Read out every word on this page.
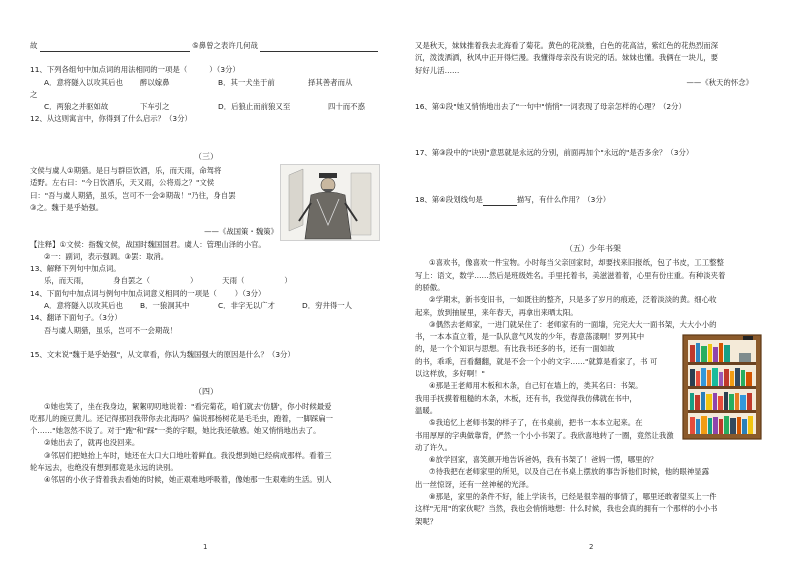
故	⑤鼻曾之表许几何哉
11、下列各组句中加点词的用法相同的一项是（	）（3分）
A．意将隧入以攻其后也 醉以嫁鼻	B．其一犬坐于前	择其善者而从
之
C．两狼之并驱如故	下车引之	D．后狼止而前狼又至	四十而不惑
12、从这则寓言中，你得到了什么启示？（3分）
（三）
文侯与虞人①期猎。是日与群臣饮酒，乐，而天雨，命驾将
适野。左右曰："今日饮酒乐，天又雨，公将焉之？"文侯
曰："吾与虞人期猎，虽乐，岂可不一会②期哉！"乃往，身自罢
③之。魏于是乎始强。
——《战国策・魏策》
【注释】①文侯：指魏文侯，战国时魏国国君。虞人：管理山泽的小官。
②一：副词，表示强调。③罢：取消。
13、解释下列句中加点词。
乐，而天雨，	身自罢之（	）	天雨（	）
14、下面句中加点词与例句中加点词意义相同的一项是（ ）（3分）
A．意将隧入以攻其后也 B．一狼洞其中	C．非字无以广才	D．穷井得一人
14、翻译下面句子。（3分）
吾与虞人期猎，虽乐，岂可不一会期哉！
15、文末说"魏于是乎始强"，从文章看，你认为魏国强大的原因是什么？（3分）
（四）
①她也笑了，坐在我身边，絮絮叨叨地说着："看完菊花，咱们就去'仿膳'，你小时候最爱
吃那儿的豌豆黄儿。还记得那回我带你去北海吗？偏说那杨树花是毛毛虫，跑着，一脚踩扁一
个……"她忽然不说了。对于"跑"和"踩"一类的字眼，她比我还敏感。她又悄悄地出去了。
②她出去了，就再也没回来。
③邻居们把她抬上车时，她还在大口大口地吐着鲜血。我没想到她已经病成那样。看着三
轮车远去，也绝没有想到那竟是永远的诀别。
④邻居的小伙子背着我去看她的时候，她正艰难地呼吸着，像她那一生艰难的生活。别人
又是秋天，妹妹推着我去北海看了菊花。黄色的花淡雅，白色的花高洁，紫红色的花热烈而深
沉，泼泼洒洒，秋风中正开得烂漫。我懂得母亲没有说完的话。妹妹也懂。我俩在一块儿，要
好好儿活……
——《秋天的怀念》
16、第①段"她又悄悄地出去了"一句中"悄悄"一词表现了母亲怎样的心理？（2分）
17、第③段中的"诀别"意思就是永远的分别，前面再加个"永远的"是否多余？（3分）
18、第④段划线句是	描写，有什么作用？（3分）
（五）少年书架
①喜欢书，像喜欢一件宝物。小时每当父亲回家时，却要找来旧报纸，包了书皮，工工整整
写上：语文，数学……然后是班级姓名。手里托着书，美滋滋着着，心里有份庄重。有种淡夹着
的骄傲。
②学期末，新书变旧书，一如既往的整齐，只是多了岁月的痕迹，泛着淡淡的黄。细心收
起来，放到抽屉里，来年春天，再拿出来晒太阳。
③偶然去老师家，一进门就呆住了：老师家有的一面墙，完完大大一面书架，大大小小的
书，一本本直立着，是一队队意气风发的少年，春意荡漾啊！罗列其中
的，是一个个知识与思想。有比我书还多的书，还有一面如故
的书，乖乖，百看翻翻，就是不会一个小的文字……"就算是看家了，书 可
以这样放，多好啊！"
④那是王老师用木板和木条，自己钉在墙上的，类其名曰：书架。
我用手抚摸着粗糙的木条，木板，还有书，我觉得我仿佛就在书中，
温暖。
⑤我追忆上老师书架的样子了，在书桌前，把书一本本立起来。在
书用厚厚的字典做靠背，俨然一个小小书架了。我欣喜地转了一圈，竟然让我激
动了许久。
⑥放学回家，喜笑颜开地告诉爸妈，我有书架了！爸妈一愣，哪里的？
⑦待我把在老师家里的所见，以及自己在书桌上摆放的事告诉他们时候，他的眼神显露
出一丝惊讶，还有一丝神秘的光泽。
⑧那是，家里的条件不好，能上学读书，已经是很幸福的事情了，哪里还敢奢望买上一件
这样"无用"的家伙呢？当然，我也会悄悄地想：什么时候，我也会真的拥有一个那样的小小书
架呢？
1	2
